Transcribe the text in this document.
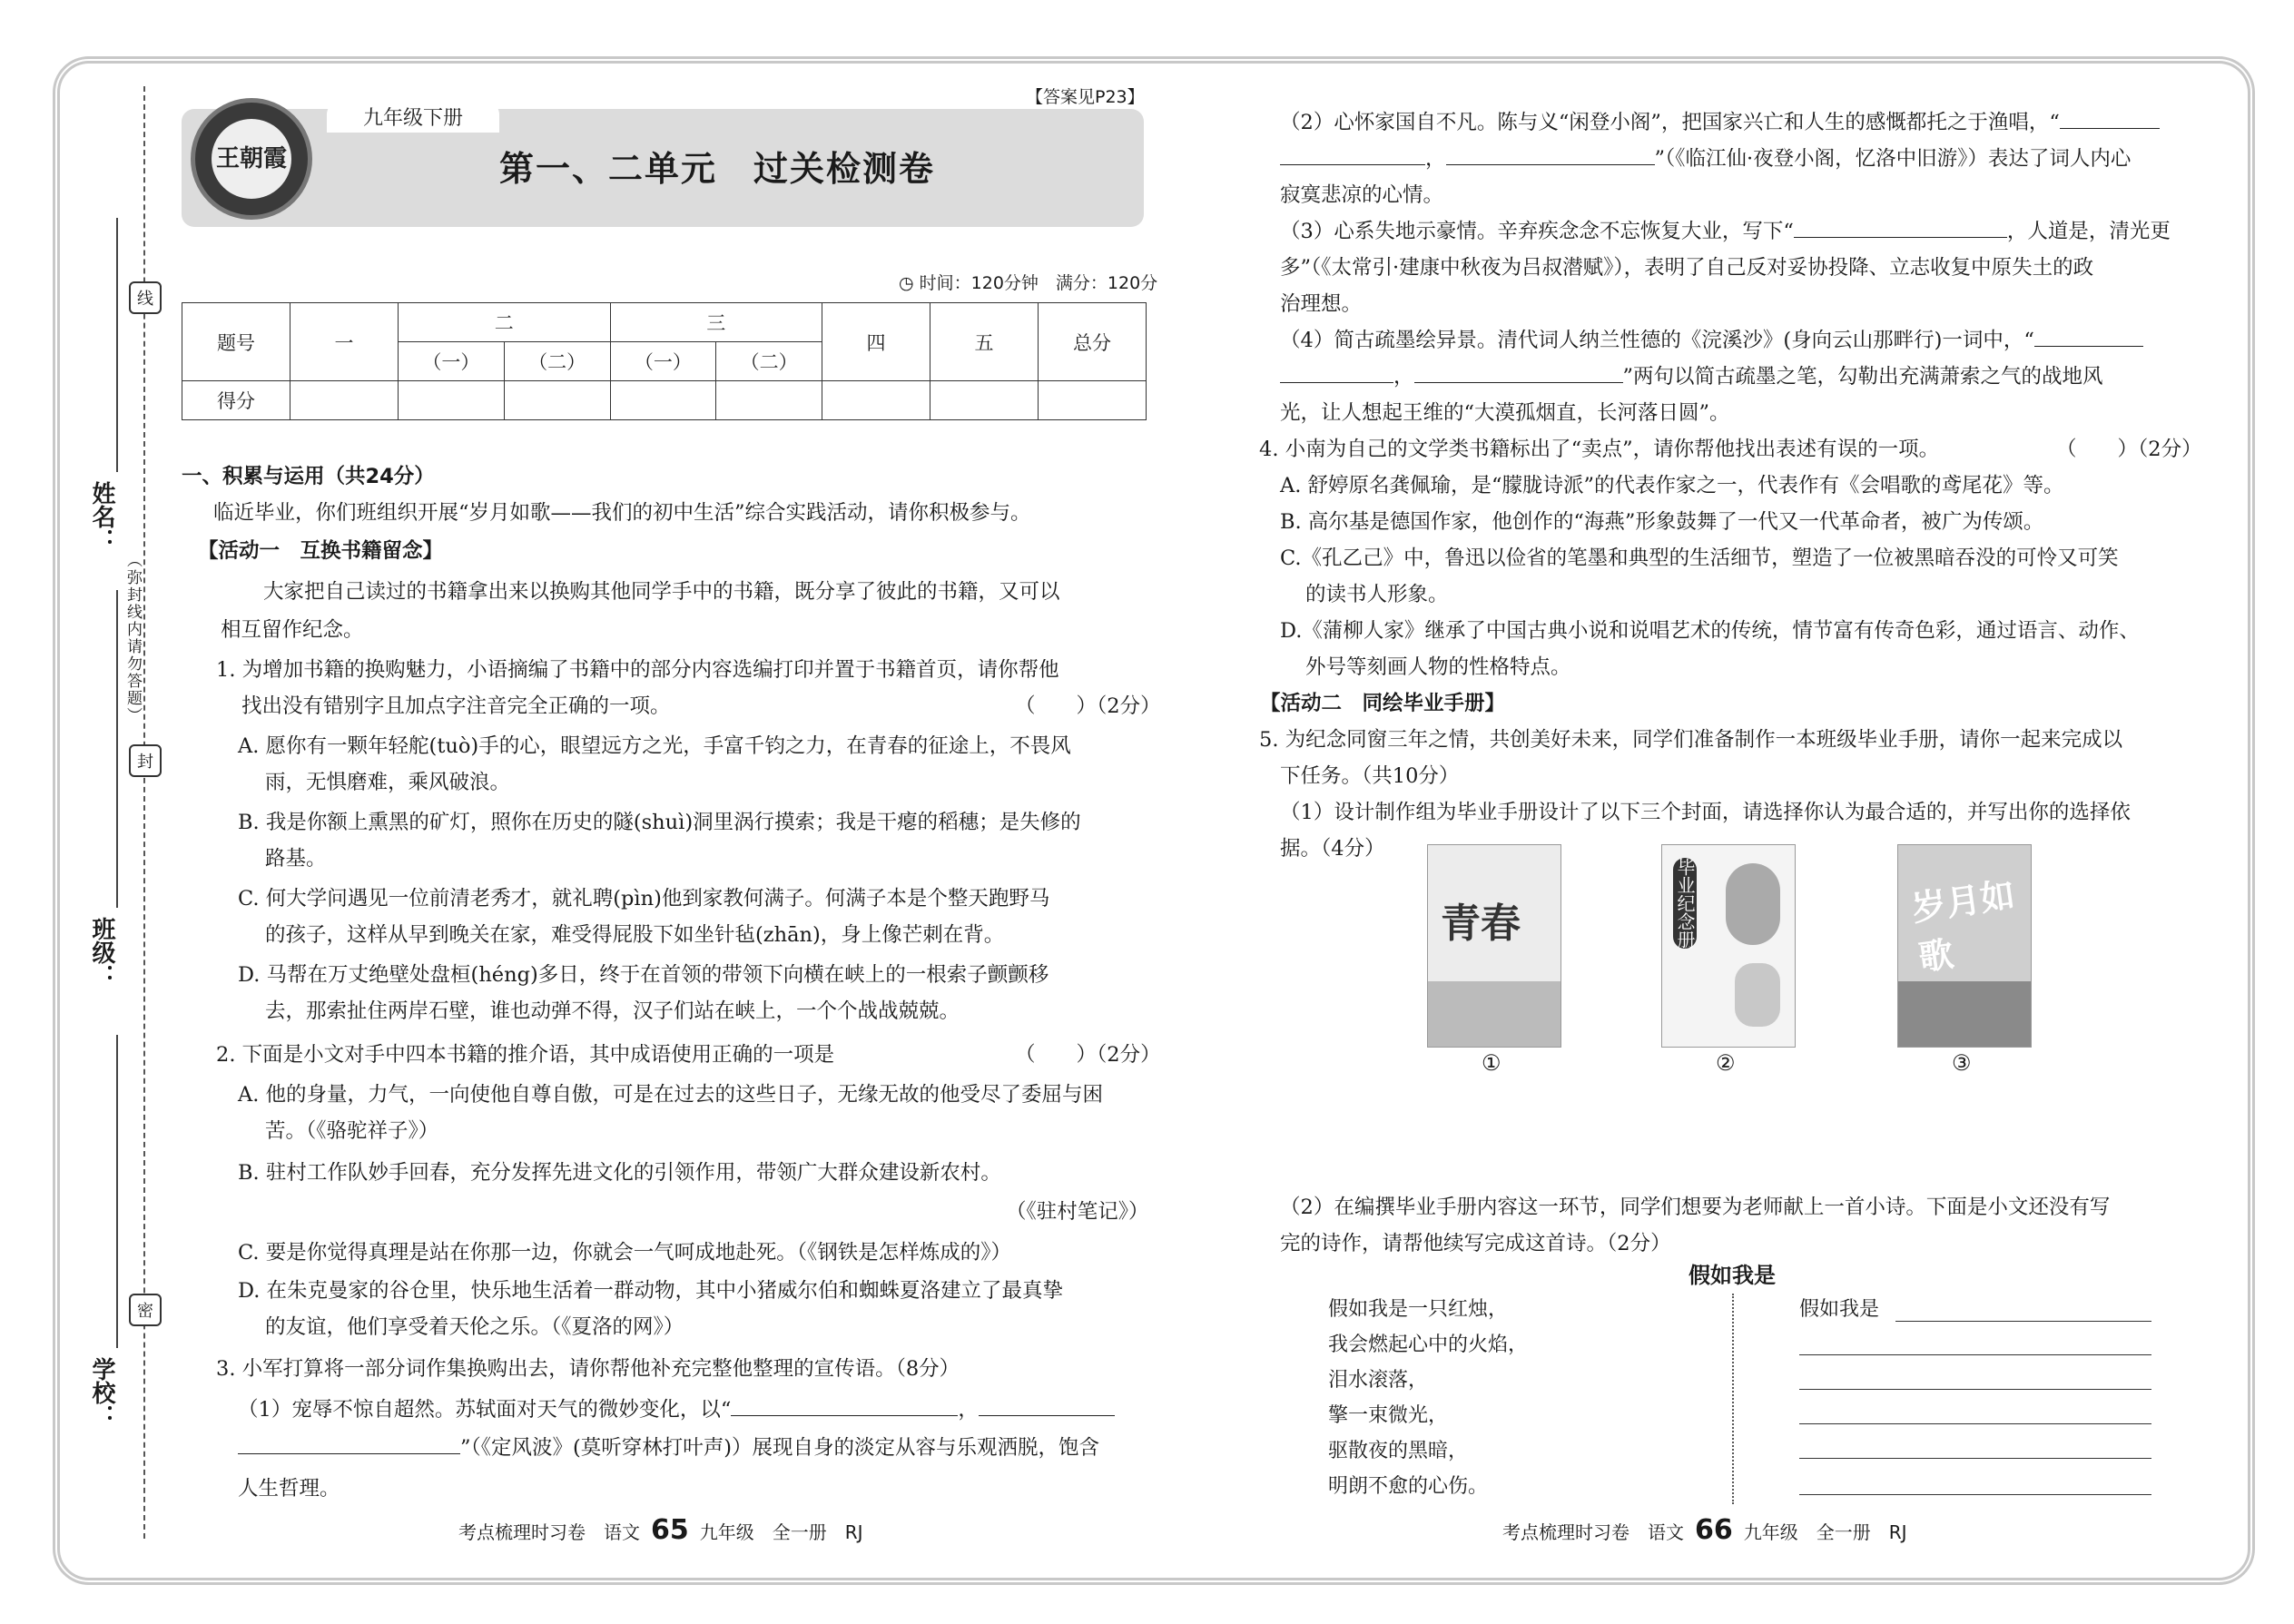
线
（弥封线内请勿答题）
封
密
姓名：
班级：
学校：
【答案见P23】
九年级下册
王朝霞	第一、二单元　过关检测卷
◷ 时间：120分钟　满分：120分
题号	一	二		三		四	五	总分
		（一）	（二）	（一）	（二）			
得分								
一、积累与运用（共24分）
临近毕业，你们班组织开展“岁月如歌——我们的初中生活”综合实践活动，请你积极参与。
【活动一　互换书籍留念】
大家把自己读过的书籍拿出来以换购其他同学手中的书籍，既分享了彼此的书籍，又可以
相互留作纪念。
1. 为增加书籍的换购魅力，小语摘编了书籍中的部分内容选编打印并置于书籍首页，请你帮他
找出没有错别字且加点字注音完全正确的一项。	（　　）（2分）
A. 愿你有一颗年轻舵(tuò)手的心，眼望远方之光，手富千钧之力，在青春的征途上，不畏风
雨，无惧磨难，乘风破浪。
B. 我是你额上熏黑的矿灯，照你在历史的隧(shuì)洞里涡行摸索；我是干瘪的稻穗；是失修的
路基。
C. 何大学问遇见一位前清老秀才，就礼聘(pìn)他到家教何满子。何满子本是个整天跑野马
的孩子，这样从早到晚关在家，难受得屁股下如坐针毡(zhān)，身上像芒刺在背。
D. 马帮在万丈绝壁处盘桓(héng)多日，终于在首领的带领下向横在峡上的一根索子颤颤移
去，那索扯住两岸石壁，谁也动弹不得，汉子们站在峡上，一个个战战兢兢。
2. 下面是小文对手中四本书籍的推介语，其中成语使用正确的一项是	（　　）（2分）
A. 他的身量，力气，一向使他自尊自傲，可是在过去的这些日子，无缘无故的他受尽了委屈与困
苦。（《骆驼祥子》）
B. 驻村工作队妙手回春，充分发挥先进文化的引领作用，带领广大群众建设新农村。
（《驻村笔记》）
C. 要是你觉得真理是站在你那一边，你就会一气呵成地赴死。（《钢铁是怎样炼成的》）
D. 在朱克曼家的谷仓里，快乐地生活着一群动物，其中小猪威尔伯和蜘蛛夏洛建立了最真挚
的友谊，他们享受着天伦之乐。（《夏洛的网》）
3. 小军打算将一部分词作集换购出去，请你帮他补充完整他整理的宣传语。（8分）
（1）宠辱不惊自超然。苏轼面对天气的微妙变化，以“	，
”（《定风波》(莫听穿林打叶声)）展现自身的淡定从容与乐观洒脱，饱含
人生哲理。
考点梳理时习卷　语文 65 九年级　全一册　RJ
（2）心怀家国自不凡。陈与义“闲登小阁”，把国家兴亡和人生的感慨都托之于渔唱，“
，	”（《临江仙·夜登小阁，忆洛中旧游》）表达了词人内心
寂寞悲凉的心情。
（3）心系失地示豪情。辛弃疾念念不忘恢复大业，写下“	，人道是，清光更
多”（《太常引·建康中秋夜为吕叔潜赋》），表明了自己反对妥协投降、立志收复中原失土的政
治理想。
（4）简古疏墨绘异景。清代词人纳兰性德的《浣溪沙》(身向云山那畔行)一词中，“
，	”两句以简古疏墨之笔，勾勒出充满萧索之气的战地风
光，让人想起王维的“大漠孤烟直，长河落日圆”。
4. 小南为自己的文学类书籍标出了“卖点”，请你帮他找出表述有误的一项。	（　　）（2分）
A. 舒婷原名龚佩瑜，是“朦胧诗派”的代表作家之一，代表作有《会唱歌的鸢尾花》等。
B. 高尔基是德国作家，他创作的“海燕”形象鼓舞了一代又一代革命者，被广为传颂。
C.《孔乙己》中，鲁迅以俭省的笔墨和典型的生活细节，塑造了一位被黑暗吞没的可怜又可笑
的读书人形象。
D.《蒲柳人家》继承了中国古典小说和说唱艺术的传统，情节富有传奇色彩，通过语言、动作、
外号等刻画人物的性格特点。
【活动二　同绘毕业手册】
5. 为纪念同窗三年之情，共创美好未来，同学们准备制作一本班级毕业手册，请你一起来完成以
下任务。（共10分）
（1）设计制作组为毕业手册设计了以下三个封面，请选择你认为最合适的，并写出你的选择依
据。（4分）
青春
①
毕业纪念册
②
岁月如歌
③
（2）在编撰毕业手册内容这一环节，同学们想要为老师献上一首小诗。下面是小文还没有写
完的诗作，请帮他续写完成这首诗。（2分）
假如我是
假如我是一只红烛，
我会燃起心中的火焰，
泪水滚落，
擎一束微光，
驱散夜的黑暗，
明朗不愈的心伤。
假如我是
考点梳理时习卷　语文 66 九年级　全一册　RJ
